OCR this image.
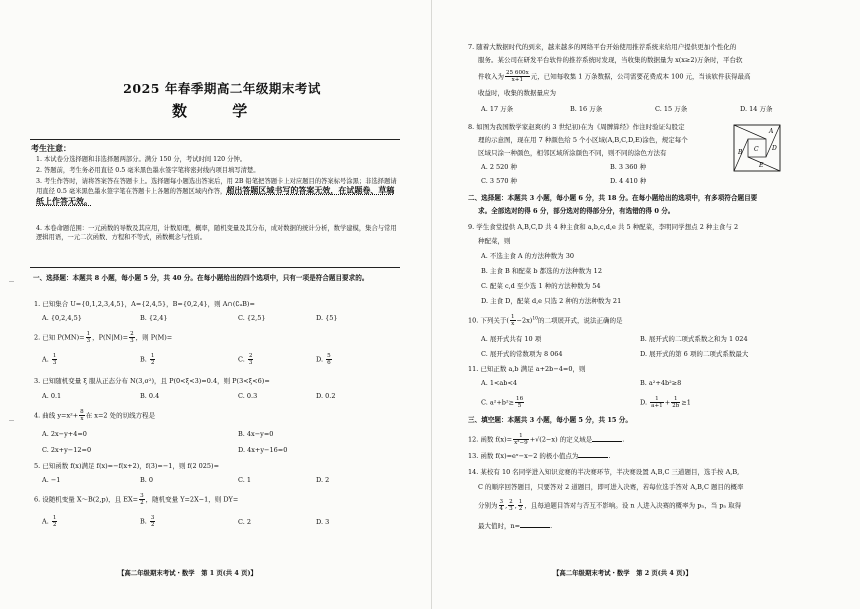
2025 年春季期高二年级期末考试
数 学
考生注意：
1. 本试卷分选择题和非选择题两部分。满分 150 分，考试时间 120 分钟。
2. 答题前，考生务必用直径 0.5 毫米黑色墨水签字笔将密封线内项目填写清楚。
3. 考生作答时，请将答案答在答题卡上。选择题每小题选出答案后，用 2B 铅笔把答题卡上对应题目的答案标号涂黑；非选择题请用直径 0.5 毫米黑色墨水签字笔在答题卡上各题的答题区域内作答，超出答题区域书写的答案无效，在试题卷、草稿纸上作答无效。
4. 本卷命题范围：一元函数的导数及其应用，计数原理，概率，随机变量及其分布，成对数据的统计分析，数学建模，集合与常用逻辑用语，一元二次函数、方程和不等式，函数概念与性质。
一、选择题：本题共 8 小题，每小题 5 分，共 40 分。在每小题给出的四个选项中，只有一项是符合题目要求的。
1. 已知集合 U={0,1,2,3,4,5}，A={2,4,5}，B={0,2,4}，则 A∩(∁ᵤB)=
A. {0,2,4,5}	B. {2,4}	C. {2,5}	D. {5}
2. 已知 $P(MN)= \frac{1}{3}$ ，$P(N|M)= \frac{2}{3}$ ，则 P(M)=
A. $\frac{1}{3}$	B. $\frac{1}{2}$	C. $\frac{2}{3}$	D. $\frac{5}{6}$
3. 已知随机变量 ξ 服从正态分布 N(3,σ²)，且 P(0<ξ<3)=0.4，则 P(3<ξ<6)=
A. 0.1	B. 0.4	C. 0.3	D. 0.2
4. 曲线 $y=x^2+ \frac{8}{x}$ 在 x=2 处的切线方程是
A. 2x−y+4=0	B. 4x−y=0
C. 2x+y−12=0	D. 4x+y−16=0
5. 已知函数 f(x)满足 f(x)=−f(x+2)，f(3)=−1，则 f(2 025)=
A. −1	B. 0	C. 1	D. 2
6. 设随机变量 X～B(2,p)，且 $EX= \frac{3}{2}$ ，随机变量 Y=2X−1，则 DY=
A. $\frac{1}{2}$	B. $\frac{3}{2}$	C. 2	D. 3
【高二年级期末考试・数学　第 1 页(共 4 页)】
7. 随着大数据时代的到来，越来越多的网络平台开始使用推荐系统来给用户提供更加个性化的
服务。某公司在研发平台软件的推荐系统时发现，当收集的数据量为 x(x≥2)万条时，平台软
件收入为 $\frac{25 600x}{x+1}$ 元，已知每收集 1 万条数据，公司需要花费成本 100 元，当该软件获得最高
收益时，收集的数据量应为
A. 17 万条	B. 16 万条	C. 15 万条	D. 14 万条
8. 如图为我国数学家赵爽(约 3 世纪初)在为《周髀算经》作注时验证勾股定
理的示意图，现在用 7 种颜色给 5 个小区域(A,B,C,D,E)涂色，规定每个
区域只涂一种颜色，相邻区域所涂颜色不同，则不同的涂色方法有
A. 2 520 种	B. 3 360 种
C. 3 570 种	D. 4 410 种
A
B C D
E
二、选择题：本题共 3 小题，每小题 6 分，共 18 分。在每小题给出的选项中，有多项符合题目要
求。全部选对的得 6 分，部分选对的得部分分，有选错的得 0 分。
9. 学生食堂提供 A,B,C,D 共 4 种主食和 a,b,c,d,e 共 5 种配菜，李明同学想点 2 种主食与 2
种配菜，则
A. 不选主食 A 的方法种数为 30
B. 主食 B 和配菜 b 都选的方法种数为 12
C. 配菜 c,d 至少选 1 种的方法种数为 54
D. 主食 D，配菜 d,e 只选 2 种的方法种数为 21
10. 下列关于( $\frac{1}{x} -2x)^{10}$的二项展开式，说法正确的是
A. 展开式共有 10 项	B. 展开式的二项式系数之和为 1 024
C. 展开式的常数项为 8 064	D. 展开式的第 6 项的二项式系数最大
11. 已知正数 a,b 满足 a+2b−4=0，则
A. 1<ab<4	B. a²+4b²≥8
C. $a^2+b^2\ge \frac{16}{5}$	D. $\frac{1}{a+1} + \frac{1}{2b} \ge 1$
三、填空题：本题共 3 小题，每小题 5 分，共 15 分。
12. 函数 $f(x)= \frac{1}{\text{x²−9}} +√(2-x)$ 的定义域是	.
13. 函数 f(x)=eˣ−x−2 的极小值点为	.
14. 某校有 10 名同学进入知识竞赛的半决赛环节，半决赛设置 A,B,C 三道题目，选手按 A,B,
C 的顺序回答题目，只要答对 2 道题目，即可进入决赛，若每位选手答对 A,B,C 题目的概率
分别为 $\frac{3}{4}$ , $\frac{2}{3}$ , $\frac{1}{2}$ ，且每道题目答对与否互不影响。设 n 人进入决赛的概率为 pₙ，当 pₙ 取得
最大值时，n=	.
【高二年级期末考试・数学　第 2 页(共 4 页)】
